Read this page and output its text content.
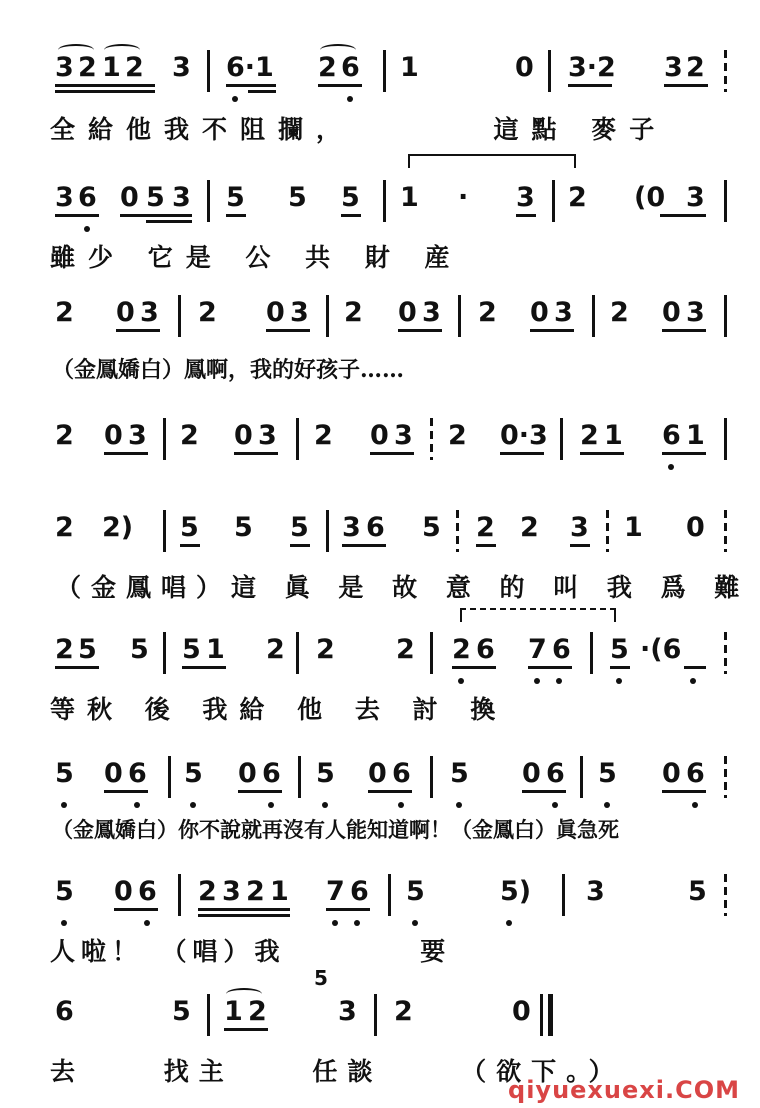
3 2 1 2 3 6·1 2 6 1	0 3·2 3 2
全給他我不阻攔，　　　　這點 麥子
3 6 0 5 3 5 5 5 1 · 3 2 (0 3
雖少 它是 公 共 財 産
2 0 3 2 0 3 2 0 3 2 0 3 2 0 3
（金鳳嬌白）鳳啊，我的好孩子……
2 0 3 2 0 3 2 0 3 2 0·3 2 1 6 1
2 2) 5 5 5 3 6 5 2 2 3 1 0
（金鳳唱）這 眞 是 故 意 的 叫 我 爲 難
2 5 5 5 1 2 2 2 2 6 7 6 5 ·(6
等秋 後 我給 他 去 討 換
5 0 6 5 0 6 5 0 6 5 0 6 5 0 6
（金鳳嬌白）你不說就再沒有人能知道啊！（金鳳白）眞急死
5 0 6 2 3 2 1 7 6 5	5) 3	5
人啦！　（唱）我 要
5
6	5 1 2	3 2	0
去 找主 任談 （欲下。）
qiyuexuexi.COM
